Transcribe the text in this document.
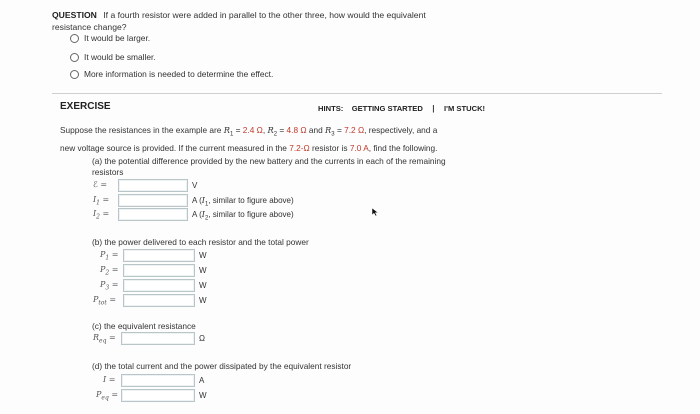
QUESTION If a fourth resistor were added in parallel to the other three, how would the equivalent
resistance change?
It would be larger.
It would be smaller.
More information is needed to determine the effect.
EXERCISE	HINTS: GETTING STARTED | I'M STUCK!
Suppose the resistances in the example are $R_1 = 2.4$ Ω, $R_2 = 4.8$ Ω and $R_3 = 7.2$ Ω, respectively, and a
new voltage source is provided. If the current measured in the 7.2-Ω resistor is 7.0 A, find the following.
(a) the potential difference provided by the new battery and the currents in each of the remaining
resistors
ℰ =	V
$I_1$ =	A ($I_1$, similar to figure above)
$I_2$ =	A ($I_2$, similar to figure above)
(b) the power delivered to each resistor and the total power
$P_1$ =	W
$P_2$ =	W
$P_3$ =	W
$P_{tot}$ =	W
(c) the equivalent resistance
$R_{eq}$ =	Ω
(d) the total current and the power dissipated by the equivalent resistor
I =	A
$P_{eq}$ =	W
